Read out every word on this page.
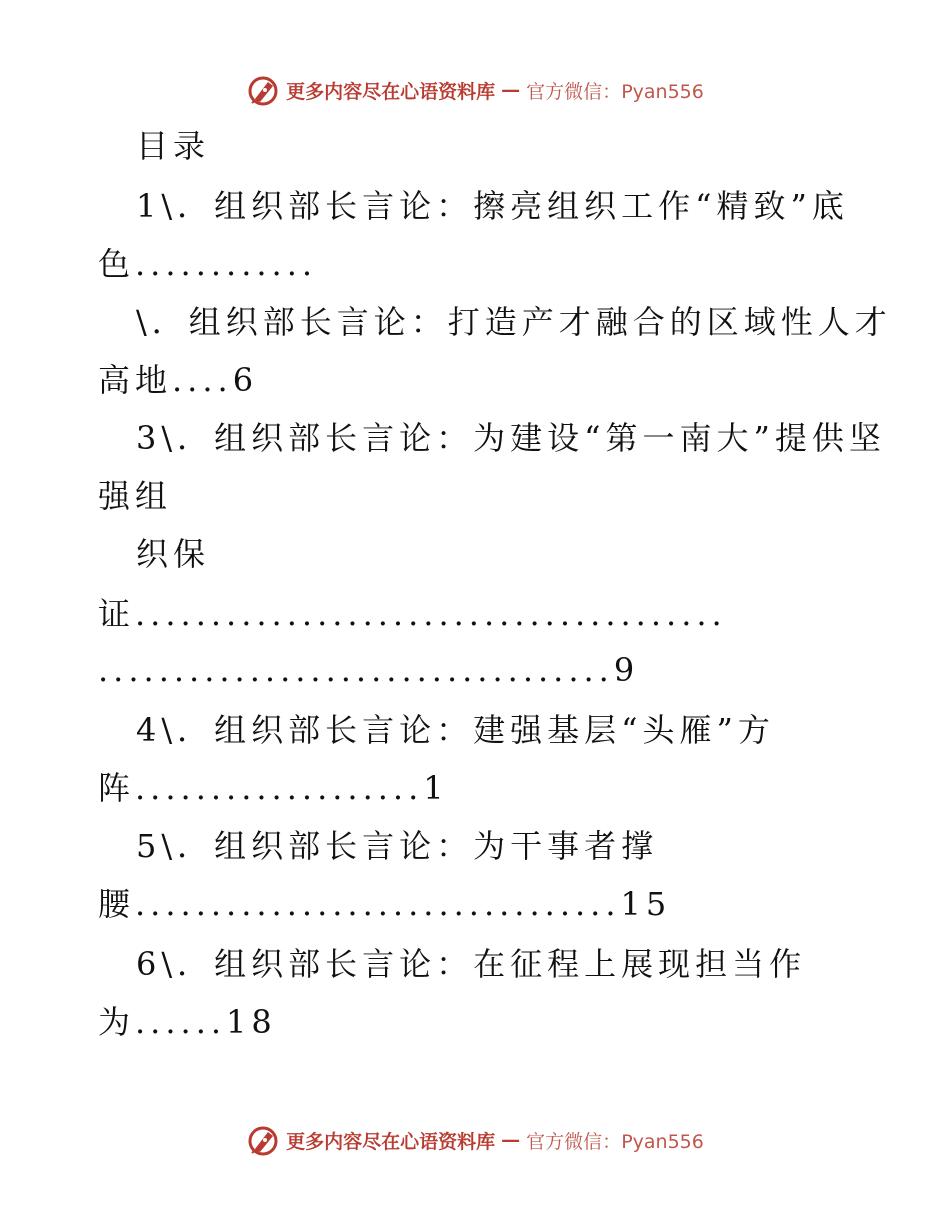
更多内容尽在心语资料库 — 官方微信：Pyan556
目录
1\．组织部长言论：擦亮组织工作“精致”底
色............
\．组织部长言论：打造产才融合的区域性人才
高地....6
3\．组织部长言论：为建设“第一南大”提供坚
强组
织保
证.......................................
..................................9
4\．组织部长言论：建强基层“头雁”方
阵...................1
5\．组织部长言论：为干事者撑
腰................................15
6\．组织部长言论：在征程上展现担当作
为......18
更多内容尽在心语资料库 — 官方微信：Pyan556
